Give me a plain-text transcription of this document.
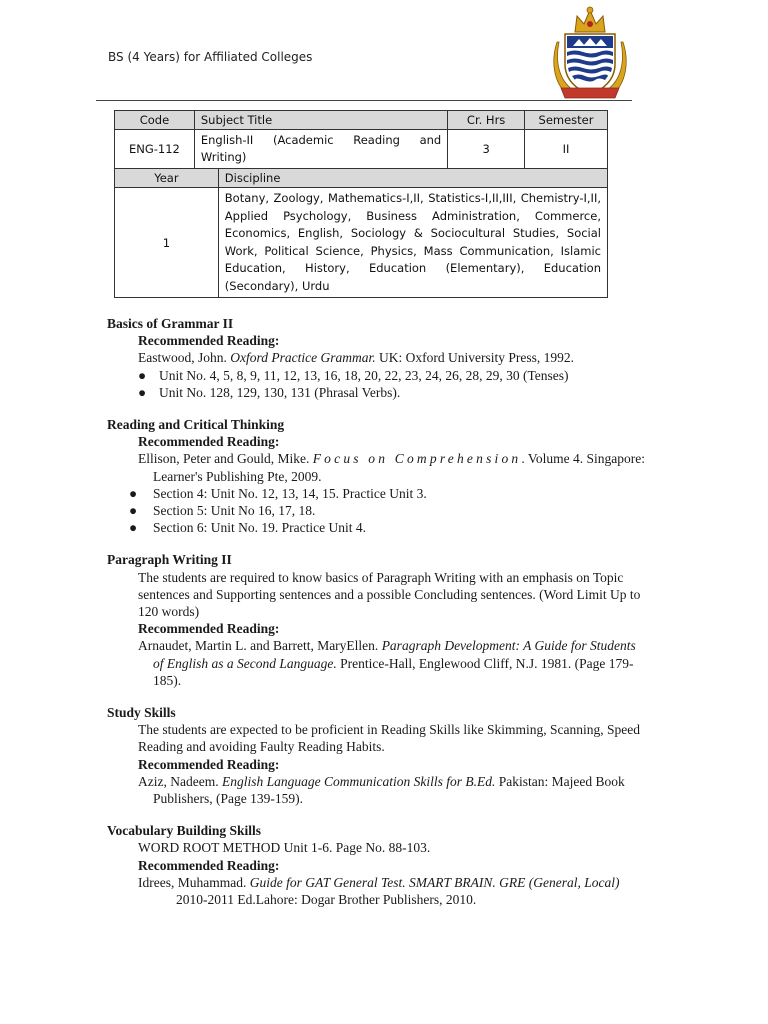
BS (4 Years) for Affiliated Colleges
Code	Subject Title		Cr. Hrs	Semester
ENG-112	English-II (Academic Reading and Writing)		3	II
Year		Discipline		
1		Botany, Zoology, Mathematics-I,II, Statistics-I,II,III, Chemistry-I,II, Applied Psychology, Business Administration, Commerce, Economics, English, Sociology & Sociocultural Studies, Social Work, Political Science, Physics, Mass Communication, Islamic Education, History, Education (Elementary), Education (Secondary), Urdu		
Basics of Grammar II
Recommended Reading:
Eastwood, John. Oxford Practice Grammar. UK: Oxford University Press, 1992.
● Unit No. 4, 5, 8, 9, 11, 12, 13, 16, 18, 20, 22, 23, 24, 26, 28, 29, 30 (Tenses)
● Unit No. 128, 129, 130, 131 (Phrasal Verbs).
Reading and Critical Thinking
Recommended Reading:
Ellison, Peter and Gould, Mike. Focus on Comprehension. Volume 4. Singapore: Learner's Publishing Pte, 2009.
● Section 4: Unit No. 12, 13, 14, 15. Practice Unit 3.
● Section 5: Unit No 16, 17, 18.
● Section 6: Unit No. 19. Practice Unit 4.
Paragraph Writing II
The students are required to know basics of Paragraph Writing with an emphasis on Topic sentences and Supporting sentences and a possible Concluding sentences. (Word Limit Up to 120 words)
Recommended Reading:
Arnaudet, Martin L. and Barrett, MaryEllen. Paragraph Development: A Guide for Students of English as a Second Language. Prentice-Hall, Englewood Cliff, N.J. 1981. (Page 179-185).
Study Skills
The students are expected to be proficient in Reading Skills like Skimming, Scanning, Speed Reading and avoiding Faulty Reading Habits.
Recommended Reading:
Aziz, Nadeem. English Language Communication Skills for B.Ed. Pakistan: Majeed Book Publishers, (Page 139-159).
Vocabulary Building Skills
WORD ROOT METHOD Unit 1-6. Page No. 88-103.
Recommended Reading:
Idrees, Muhammad. Guide for GAT General Test. SMART BRAIN. GRE (General, Local) 2010-2011 Ed.Lahore: Dogar Brother Publishers, 2010.
